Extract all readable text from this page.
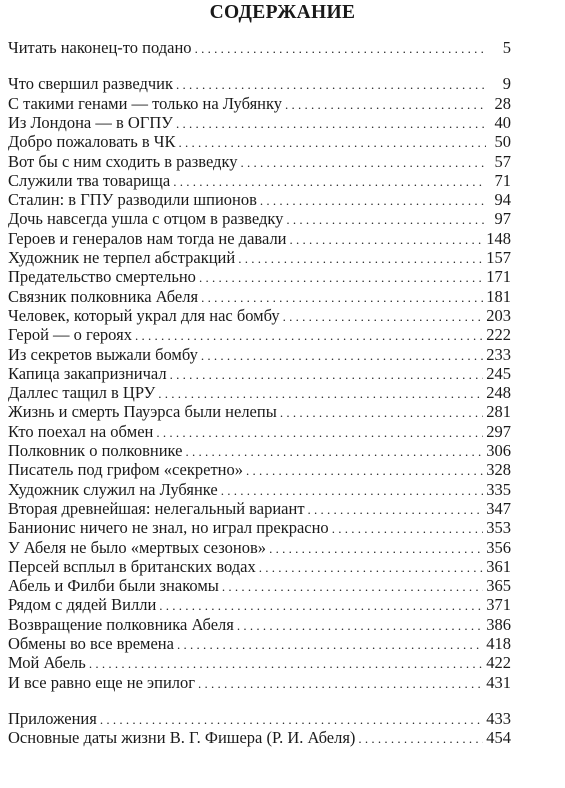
СОДЕРЖАНИЕ
Читать наконец-то подано . . .	5
Что свершил разведчик . . .	9
С такими генами — только на Лубянку . . .	28
Из Лондона — в ОГПУ . . .	40
Добро пожаловать в ЧК . . .	50
Вот бы с ним сходить в разведку . . .	57
Служили тва товарища . . .	71
Сталин: в ГПУ разводили шпионов . . .	94
Дочь навсегда ушла с отцом в разведку . . .	97
Героев и генералов нам тогда не давали . . .	148
Художник не терпел абстракций . . .	157
Предательство смертельно . . .	171
Связник полковника Абеля . . .	181
Человек, который украл для нас бомбу . . .	203
Герой — о героях . . .	222
Из секретов выжали бомбу . . .	233
Капица закапризничал . . .	245
Даллес тащил в ЦРУ . . .	248
Жизнь и смерть Пауэрса были нелепы . . .	281
Кто поехал на обмен . . .	297
Полковник о полковнике . . .	306
Писатель под грифом «секретно» . . .	328
Художник служил на Лубянке . . .	335
Вторая древнейшая: нелегальный вариант . . .	347
Банионис ничего не знал, но играл прекрасно . . .	353
У Абеля не было «мертвых сезонов» . . .	356
Персей всплыл в британских водах . . .	361
Абель и Филби были знакомы . . .	365
Рядом с дядей Вилли . . .	371
Возвращение полковника Абеля . . .	386
Обмены во все времена . . .	418
Мой Абель . . .	422
И все равно еще не эпилог . . .	431
Приложения . . .	433
Основные даты жизни В. Г. Фишера (Р. И. Абеля) . . .	454
